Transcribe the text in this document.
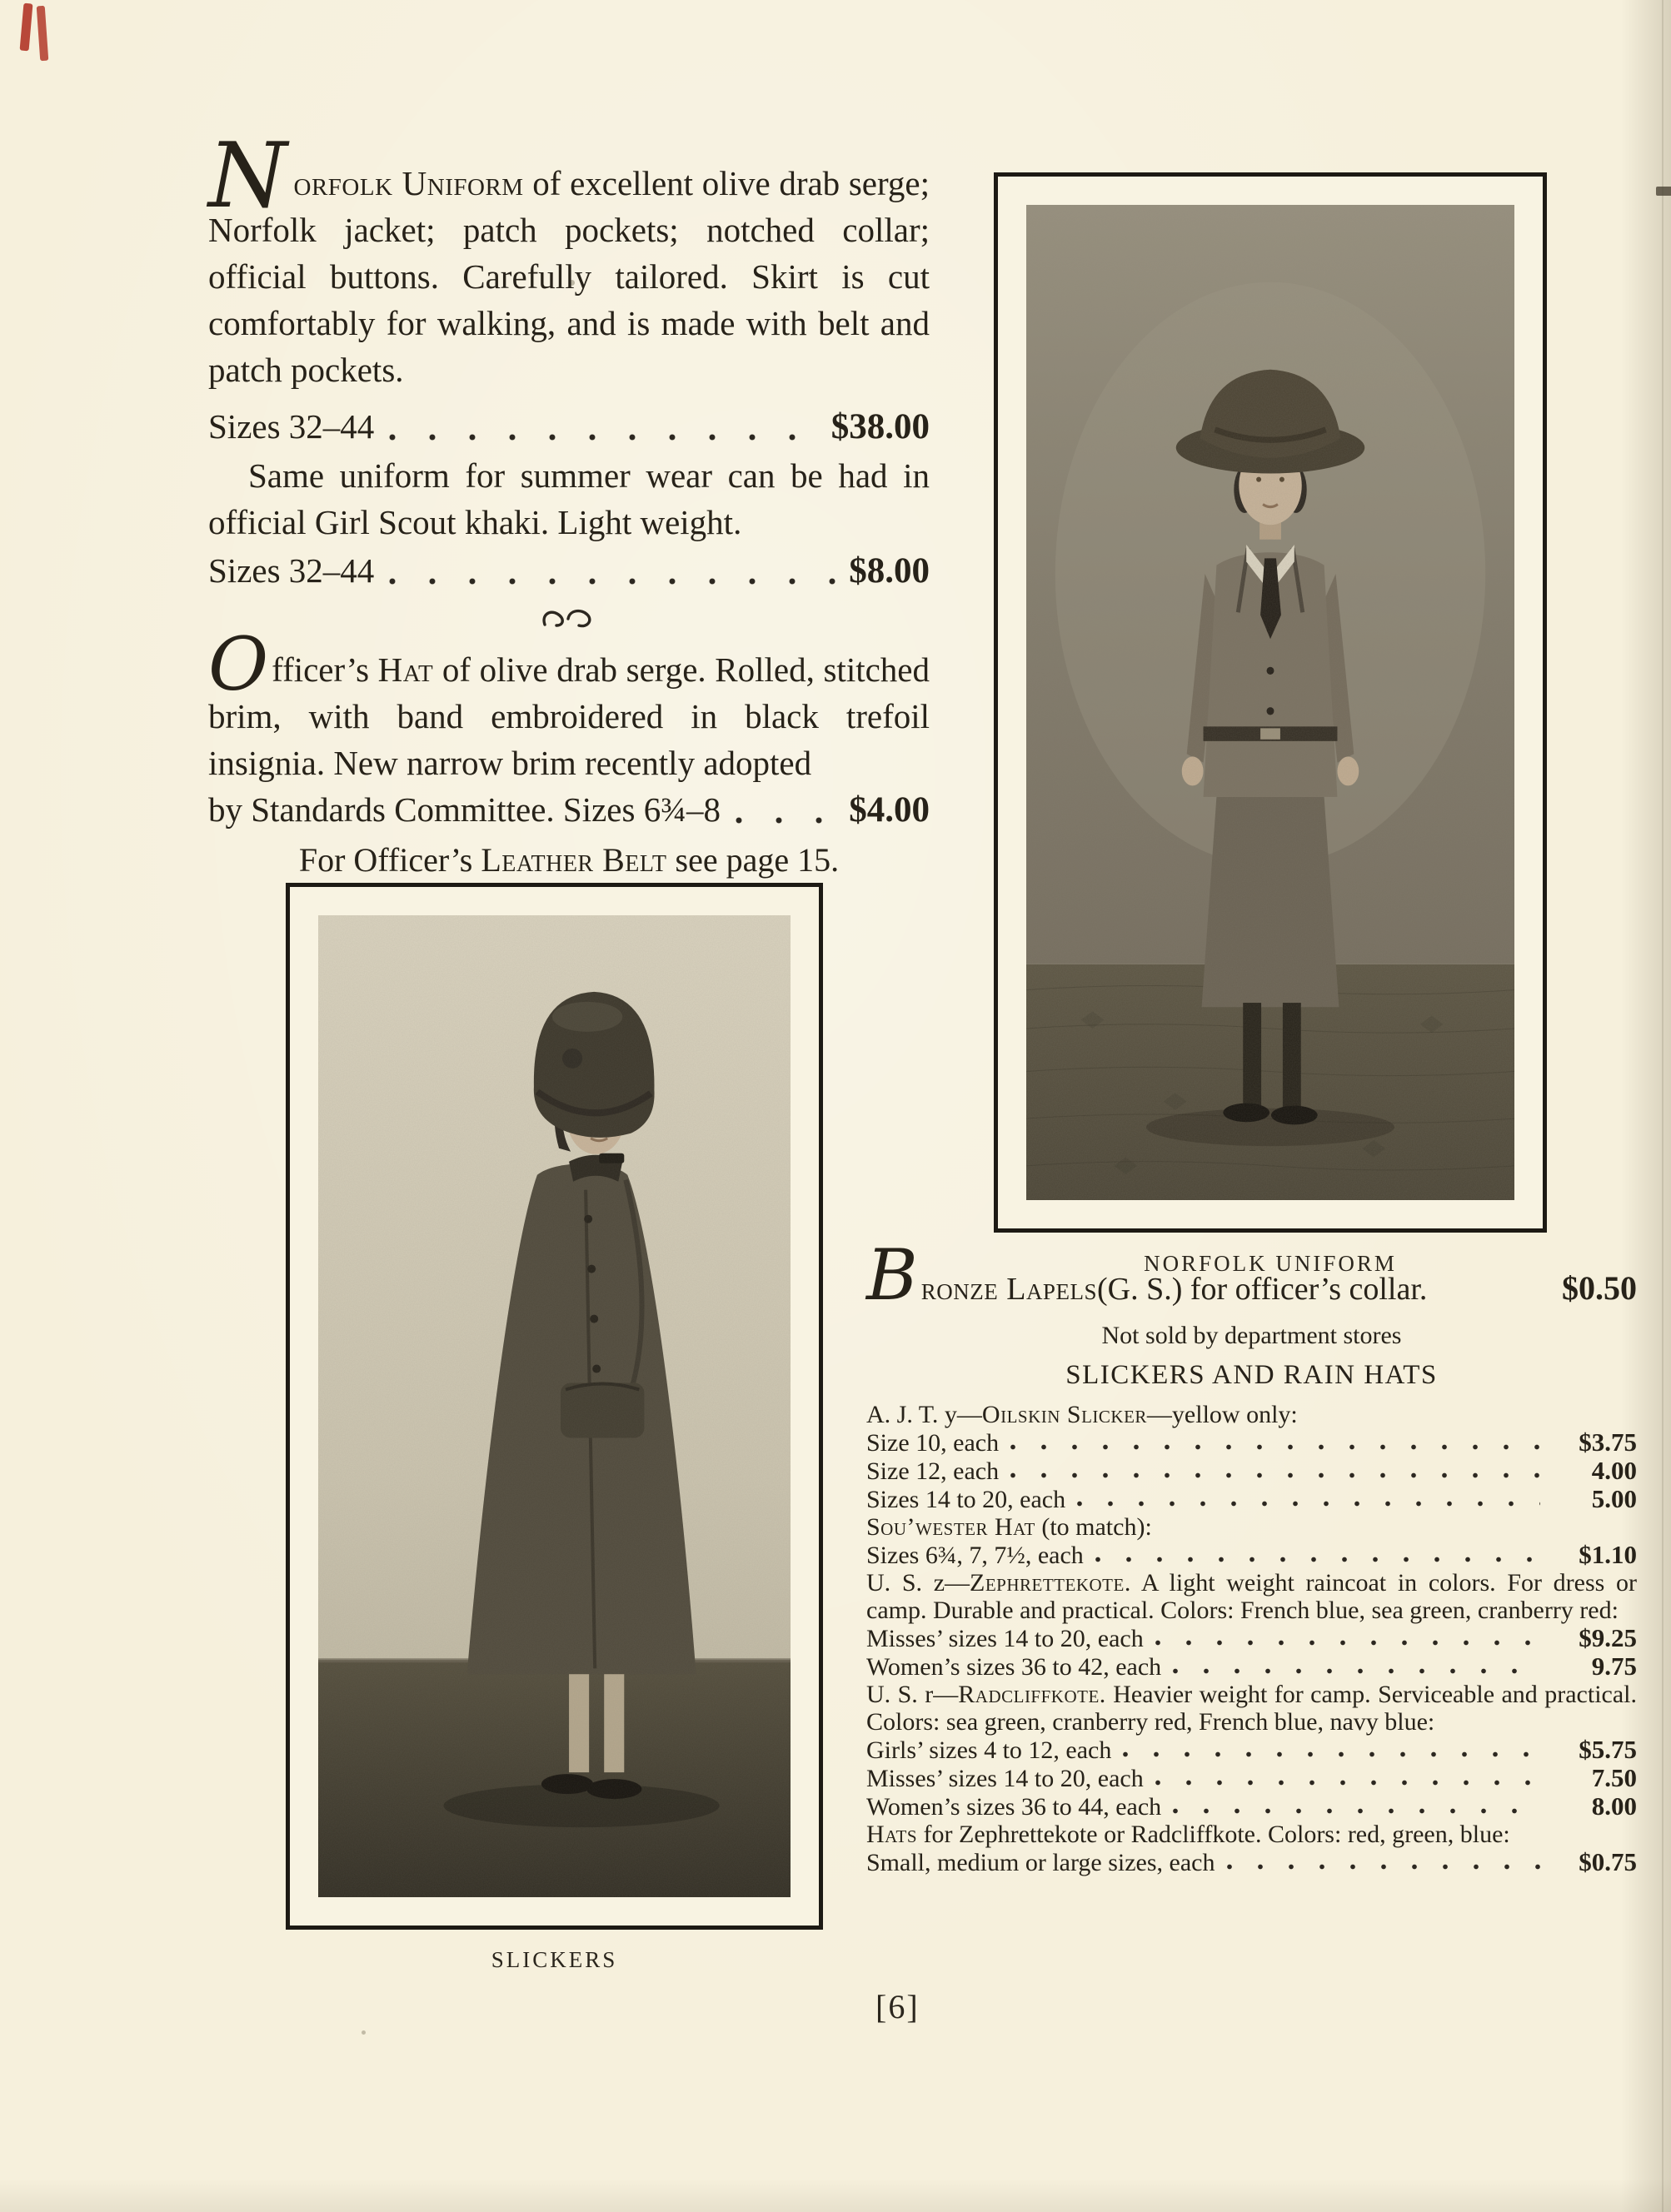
Norfolk Uniform of excellent olive drab serge; Norfolk jacket; patch pockets; notched collar; official buttons. Carefully tailored. Skirt is cut comfortably for walking, and is made with belt and patch pockets.

Sizes 32–44	$38.00

Same uniform for summer wear can be had in official Girl Scout khaki. Light weight.

Sizes 32–44	$8.00

Officer’s Hat of olive drab serge. Rolled, stitched brim, with band embroidered in black trefoil insignia. New narrow brim recently adopted

by Standards Committee. Sizes 6¾–8	$4.00

For Officer’s Leather Belt see page 15.

NORFOLK UNIFORM
SLICKERS
B ronze Lapels (G. S.) for officer’s collar.	$0.50
Not sold by department stores
SLICKERS AND RAIN HATS
A. J. T. y—Oilskin Slicker—yellow only:
Size 10, each	$3.75
Size 12, each	4.00
Sizes 14 to 20, each	5.00
Sou’wester Hat (to match):
Sizes 6¾, 7, 7½, each	$1.10
U. S. z—Zephrettekote. A light weight raincoat in colors. For dress or camp. Durable and practical. Colors: French blue, sea green, cranberry red:
Misses’ sizes 14 to 20, each	$9.25
Women’s sizes 36 to 42, each	9.75
U. S. r—Radcliffkote. Heavier weight for camp. Serviceable and practical. Colors: sea green, cranberry red, French blue, navy blue:
Girls’ sizes 4 to 12, each	$5.75
Misses’ sizes 14 to 20, each	7.50
Women’s sizes 36 to 44, each	8.00
Hats for Zephrettekote or Radcliffkote. Colors: red, green, blue:
Small, medium or large sizes, each	$0.75
[6]
